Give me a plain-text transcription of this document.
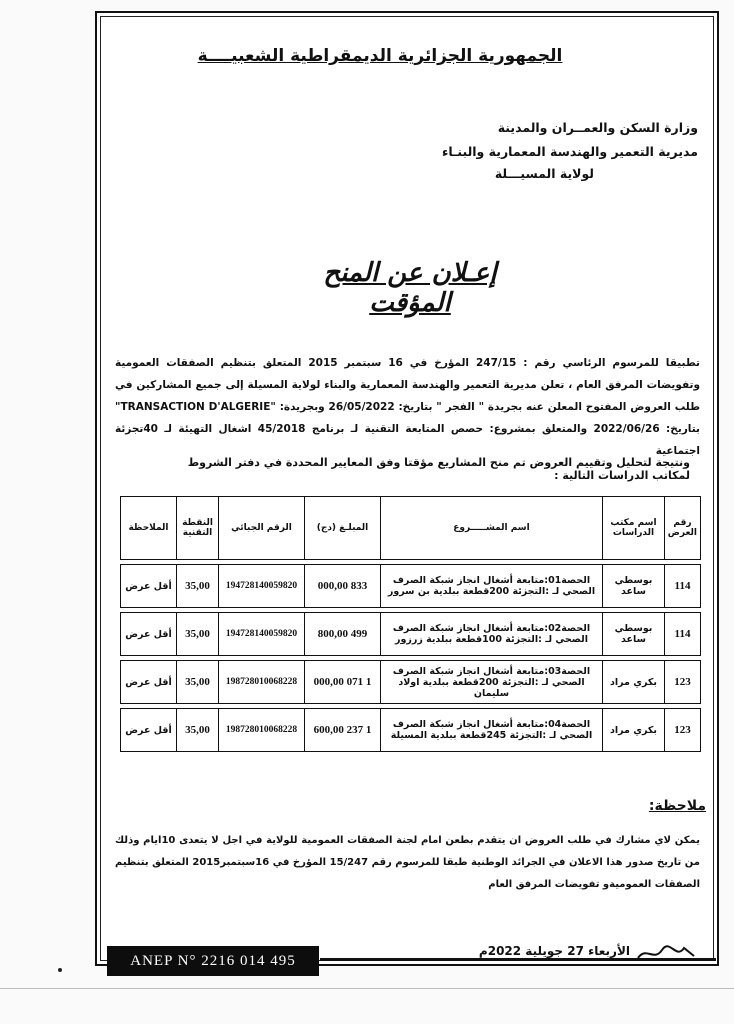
الجمهورية الجزائرية الديمقراطية الشعبيــــة
وزارة السكن والعمــران والمدينة
مديرية التعمير والهندسة المعمارية والبنـاء
لولاية المسيـــلة
إعـلان عن المنح المؤقت
تطبيقا للمرسوم الرئاسي رقم : 247/15 المؤرخ في 16 سبتمبر 2015 المتعلق بتنظيم الصفقات العمومية وتفويضات المرفق العام ، تعلن مديرية التعمير والهندسة المعمارية والبناء لولاية المسيلة إلى جميع المشاركين في طلب العروض المفتوح المعلن عنه بجريدة " الفجر " بتاريخ: 26/05/2022 وبجريدة: "TRANSACTION D'ALGERIE" بتاريخ: 2022/06/26 والمتعلق بمشروع: حصص المتابعة التقنية لـ برنامج 45/2018 اشغال التهيئة لـ 40تجزئة اجتماعية
ونتيجة لتحليل وتقييم العروض تم منح المشاريع مؤقتا وفق المعايير المحددة في دفتر الشروط لمكاتب الدراسات التالية :
رقم العرض	اسم مكتب الدراسات	اسم المشـــــروع	المبلـغ (دج)	الرقم الجبائي	النقطة التقنية	الملاحظة

114	بوسطي ساعد	الحصة01:متابعة أشغال انجاز شبكة الصرف الصحي لـ :التجزئة 200قطعة ببلدية بن سرور	833 000,00	194728140059820	35,00	أقل عرض

114	بوسطي ساعد	الحصة02:متابعة أشغال انجاز شبكة الصرف الصحي لـ :التجزئة 100قطعة ببلدية زرزور	499 800,00	194728140059820	35,00	أقل عرض

123	بكري مراد	الحصة03:متابعة أشغال انجاز شبكة الصرف الصحي لـ :التجزئة 200قطعة ببلدية اولاد سليمان	1 071 000,00	198728010068228	35,00	أقل عرض

123	بكري مراد	الحصة04:متابعة أشغال انجاز شبكة الصرف الصحي لـ :التجزئة 245قطعة ببلدية المسيلة	1 237 600,00	198728010068228	35,00	أقل عرض
ملاحظة:
يمكن لاي مشارك في طلب العروض ان يتقدم بطعن امام لجنة الصفقات العمومية للولاية في اجل لا يتعدى 10ايام وذلك من تاريخ صدور هذا الاعلان في الجرائد الوطنية طبقا للمرسوم رقم 15/247 المؤرخ في 16سبتمبر2015 المتعلق بتنظيم الصفقات العموميةو تفويضات المرفق العام
ANEP N° 2216 014 495
الأربعاء 27 جويلية 2022م
